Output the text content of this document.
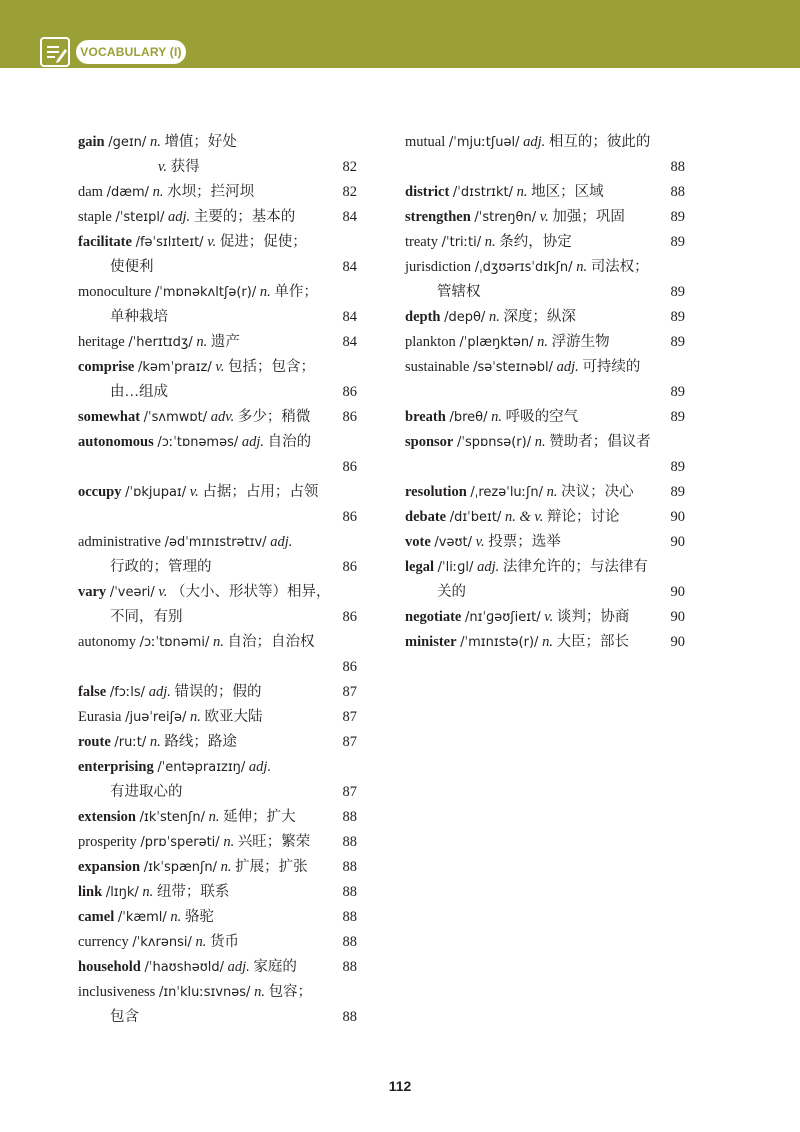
VOCABULARY (I)
gain /geɪn/ n. 增值；好处
v. 获得	82
dam /dæm/ n. 水坝；拦河坝	82
staple /ˈsteɪpl/ adj. 主要的；基本的	84
facilitate /fəˈsɪlɪteɪt/ v. 促进；促使；
使便利	84
monoculture /ˈmɒnəkʌltʃə(r)/ n. 单作；
单种栽培	84
heritage /ˈherɪtɪdʒ/ n. 遗产	84
comprise /kəmˈpraɪz/ v. 包括；包含；
由…组成	86
somewhat /ˈsʌmwɒt/ adv. 多少；稍微 86
autonomous /ɔːˈtɒnəməs/ adj. 自治的
86
occupy /ˈɒkjupaɪ/ v. 占据；占用；占领
86
administrative /ədˈmɪnɪstrətɪv/ adj.
行政的；管理的	86
vary /ˈveəri/ v. （大小、形状等）相异，
不同，有别	86
autonomy /ɔːˈtɒnəmi/ n. 自治；自治权
86
false /fɔːls/ adj. 错误的；假的	87
Eurasia /juəˈreiʃə/ n. 欧亚大陆	87
route /ruːt/ n. 路线；路途	87
enterprising /ˈentəpraɪzɪŋ/ adj.
有进取心的	87
extension /ɪkˈstenʃn/ n. 延伸；扩大	88
prosperity /prɒˈsperəti/ n. 兴旺；繁荣 88
expansion /ɪkˈspænʃn/ n. 扩展；扩张 88
link /lɪŋk/ n. 纽带；联系	88
camel /ˈkæml/ n. 骆驼	88
currency /ˈkʌrənsi/ n. 货币	88
household /ˈhaʊshəʊld/ adj. 家庭的	88
inclusiveness /ɪnˈkluːsɪvnəs/ n. 包容；
包含	88
mutual /ˈmjuːtʃuəl/ adj. 相互的；彼此的
88
district /ˈdɪstrɪkt/ n. 地区；区域	88
strengthen /ˈstreŋθn/ v. 加强；巩固	89
treaty /ˈtriːti/ n. 条约，协定	89
jurisdiction /ˌdʒʊərɪsˈdɪkʃn/ n. 司法权；
管辖权	89
depth /depθ/ n. 深度；纵深	89
plankton /ˈplæŋktən/ n. 浮游生物	89
sustainable /səˈsteɪnəbl/ adj. 可持续的
89
breath /breθ/ n. 呼吸的空气	89
sponsor /ˈspɒnsə(r)/ n. 赞助者；倡议者
89
resolution /ˌrezəˈluːʃn/ n. 决议；决心	89
debate /dɪˈbeɪt/ n. & v. 辩论；讨论	90
vote /vəʊt/ v. 投票；选举	90
legal /ˈliːɡl/ adj. 法律允许的；与法律有
关的	90
negotiate /nɪˈɡəʊʃieɪt/ v. 谈判；协商	90
minister /ˈmɪnɪstə(r)/ n. 大臣；部长	90
112
